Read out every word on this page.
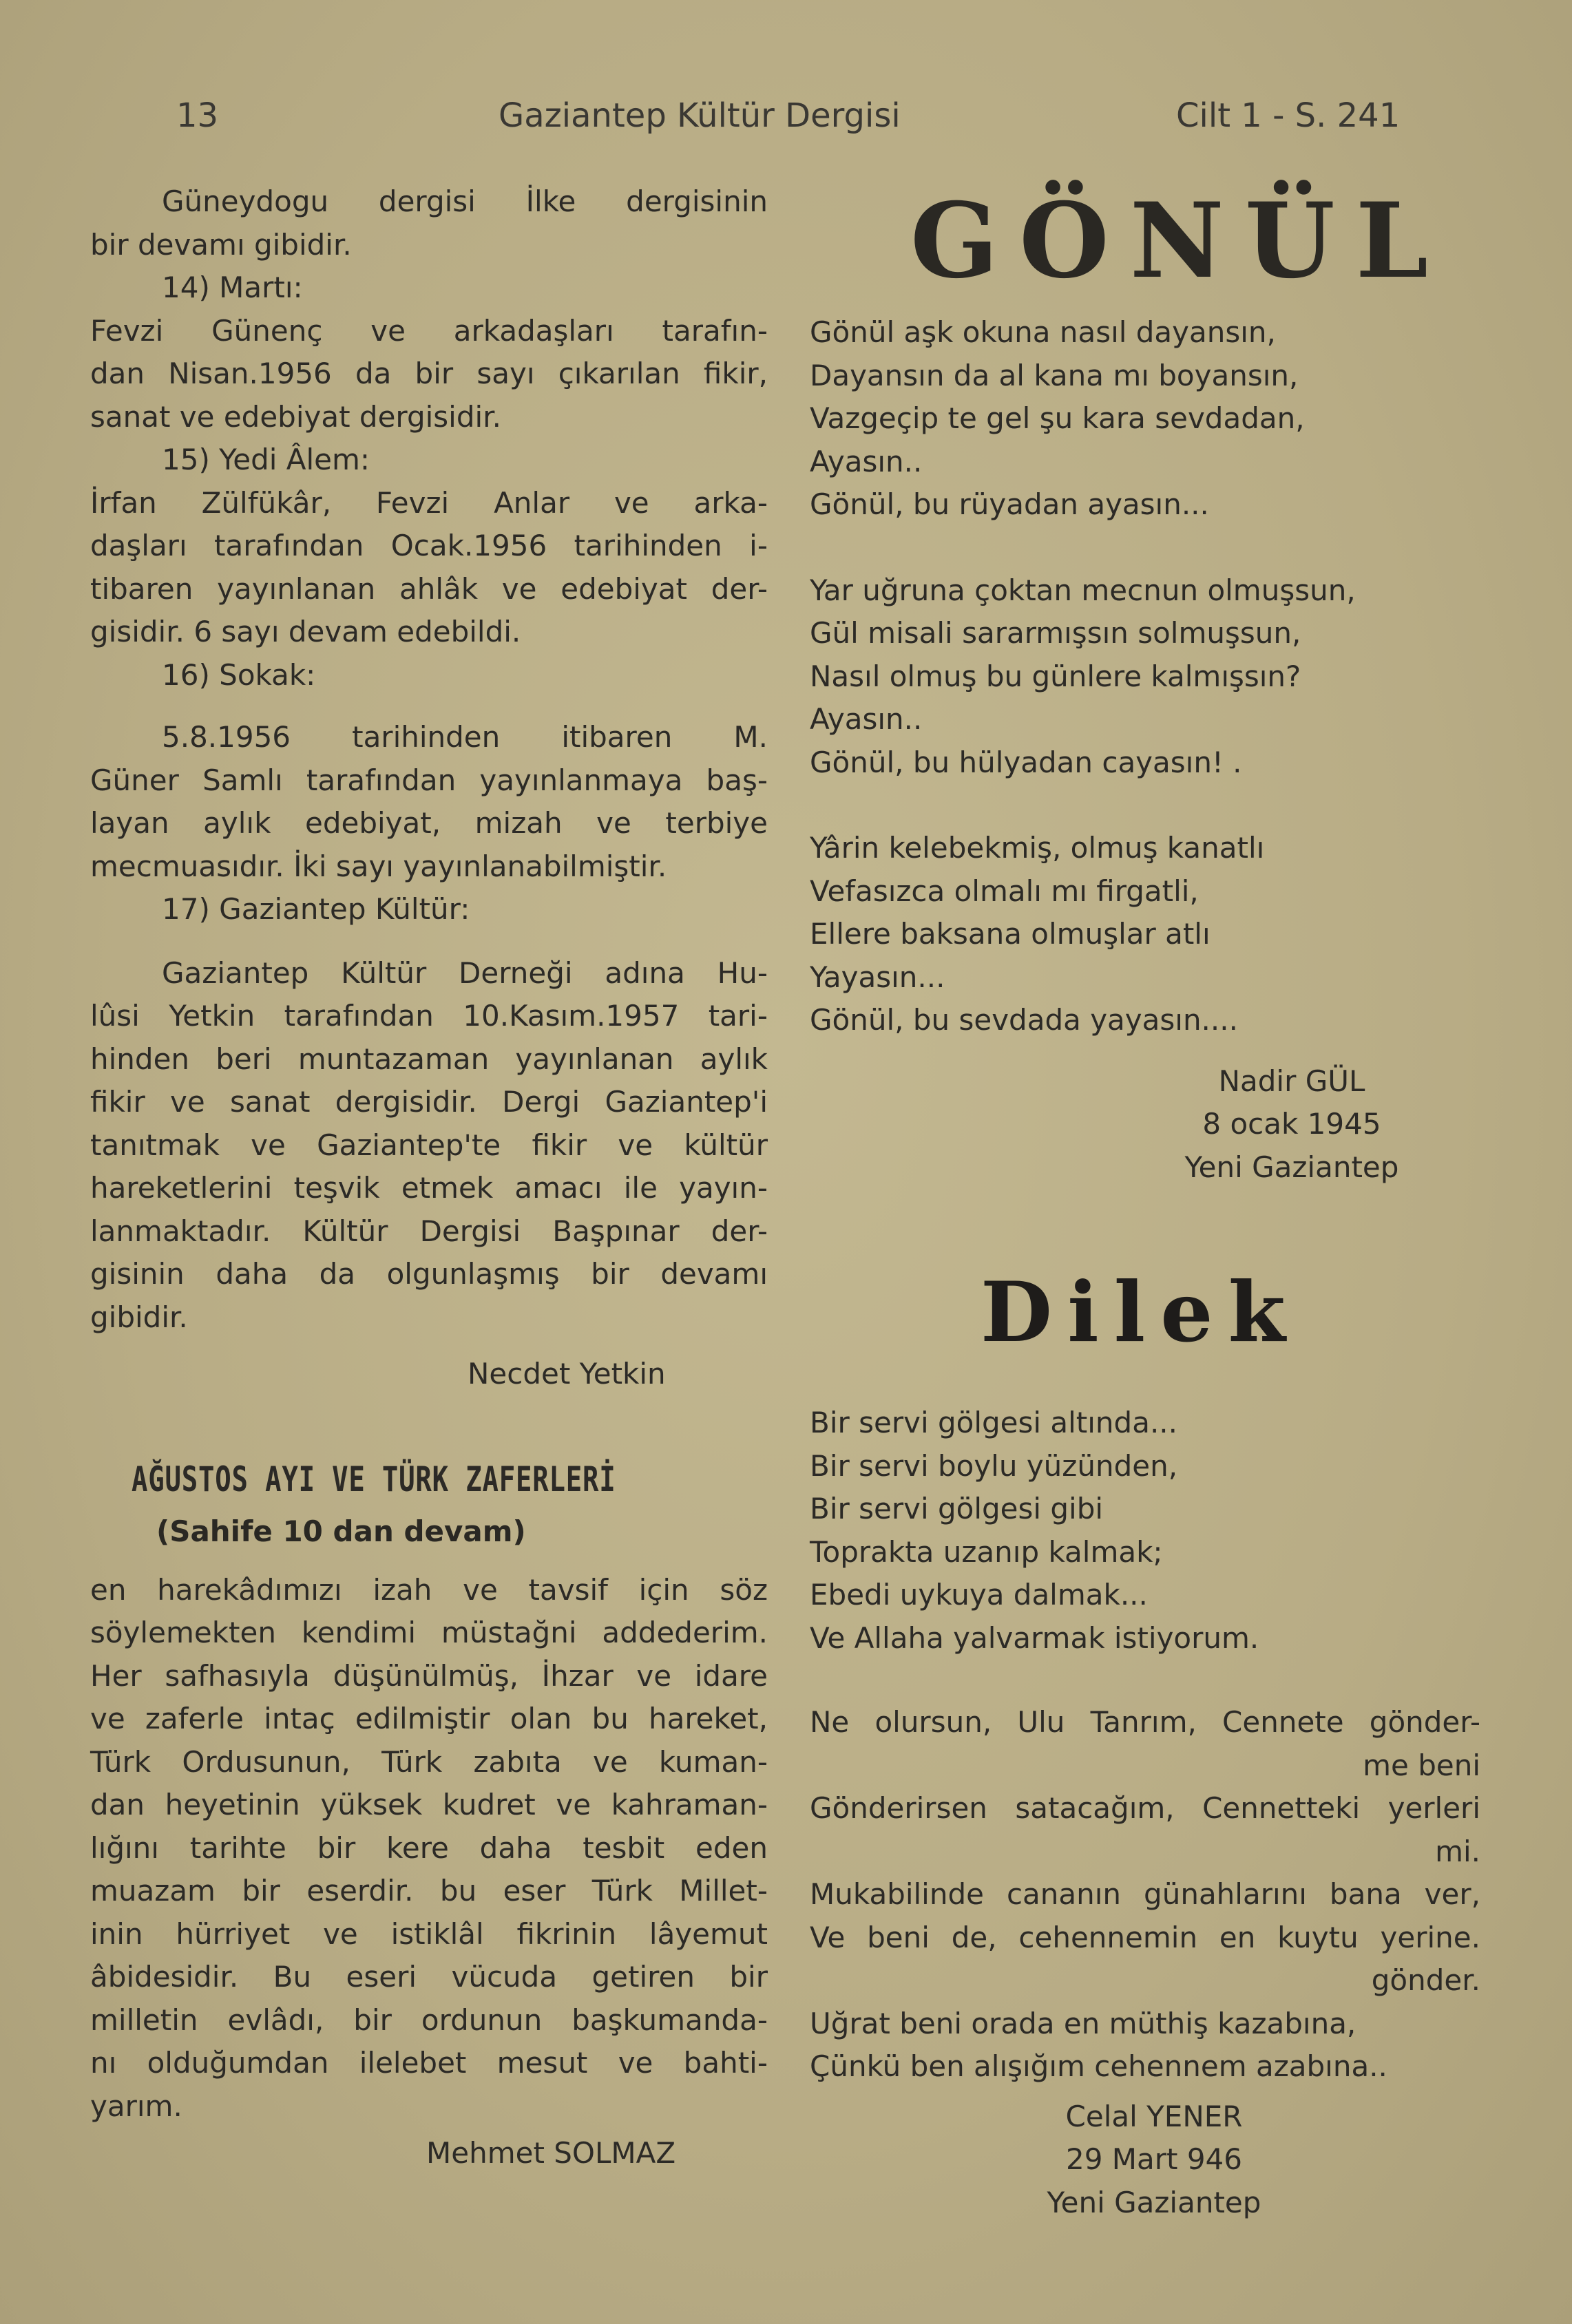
13	Gaziantep Kültür Dergisi	Cilt 1 - S. 241

Güneydogu dergisi İlke dergisinin

bir devamı gibidir.

14) Martı:

Fevzi Günenç ve arkadaşları tarafın-

dan Nisan.1956 da bir sayı çıkarılan fikir,

sanat ve edebiyat dergisidir.

15) Yedi Âlem:

İrfan Zülfükâr, Fevzi Anlar ve arka-

daşları tarafından Ocak.1956 tarihinden i-

tibaren yayınlanan ahlâk ve edebiyat der-

gisidir. 6 sayı devam edebildi.

16) Sokak:

5.8.1956 tarihinden itibaren M.

Güner Samlı tarafından yayınlanmaya baş-

layan aylık edebiyat, mizah ve terbiye

mecmuasıdır. İki sayı yayınlanabilmiştir.

17) Gaziantep Kültür:

Gaziantep Kültür Derneği adına Hu-

lûsi Yetkin tarafından 10.Kasım.1957 tari-

hinden beri muntazaman yayınlanan aylık

fikir ve sanat dergisidir. Dergi Gaziantep'i

tanıtmak ve Gaziantep'te fikir ve kültür

hareketlerini teşvik etmek amacı ile yayın-

lanmaktadır. Kültür Dergisi Başpınar der-

gisinin daha da olgunlaşmış bir devamı

gibidir.

Necdet Yetkin

AĞUSTOS AYI VE TÜRK ZAFERLERİ

(Sahife 10 dan devam)

en harekâdımızı izah ve tavsif için söz

söylemekten kendimi müstağni addederim.

Her safhasıyla düşünülmüş, İhzar ve idare

ve zaferle intaç edilmiştir olan bu hareket,

Türk Ordusunun, Türk zabıta ve kuman-

dan heyetinin yüksek kudret ve kahraman-

lığını tarihte bir kere daha tesbit eden

muazam bir eserdir. bu eser Türk Millet-

inin hürriyet ve istiklâl fikrinin lâyemut

âbidesidir. Bu eseri vücuda getiren bir

milletin evlâdı, bir ordunun başkumanda-

nı olduğumdan ilelebet mesut ve bahti-

yarım.

Mehmet SOLMAZ

GÖNÜL

Gönül aşk okuna nasıl dayansın,

Dayansın da al kana mı boyansın,

Vazgeçip te gel şu kara sevdadan,

Ayasın..

Gönül, bu rüyadan ayasın...

Yar uğruna çoktan mecnun olmuşsun,

Gül misali sararmışsın solmuşsun,

Nasıl olmuş bu günlere kalmışsın?

Ayasın..

Gönül, bu hülyadan cayasın! .

Yârin kelebekmiş, olmuş kanatlı

Vefasızca olmalı mı firgatli,

Ellere baksana olmuşlar atlı

Yayasın...

Gönül, bu sevdada yayasın....

Nadir GÜL

8 ocak 1945

Yeni Gaziantep

Dilek

Bir servi gölgesi altında...

Bir servi boylu yüzünden,

Bir servi gölgesi gibi

Toprakta uzanıp kalmak;

Ebedi uykuya dalmak...

Ve Allaha yalvarmak istiyorum.

Ne olursun, Ulu Tanrım, Cennete gönder-

me beni

Gönderirsen satacağım, Cennetteki yerleri

mi.

Mukabilinde cananın günahlarını bana ver,

Ve beni de, cehennemin en kuytu yerine.

gönder.

Uğrat beni orada en müthiş kazabına,

Çünkü ben alışığım cehennem azabına..

Celal YENER

29 Mart 946

Yeni Gaziantep
